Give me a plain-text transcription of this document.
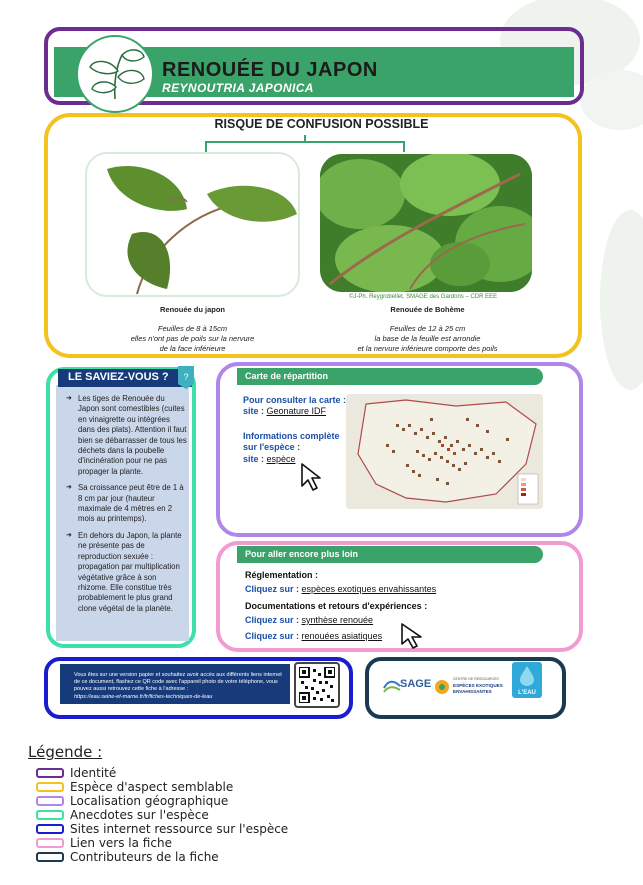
RENOUÉE DU JAPON
REYNOUTRIA JAPONICA
RISQUE DE CONFUSION POSSIBLE
©J-Ph. Reygrobellet, SMAGE des Gardons – CDR EEE
Renouée du japon
Feuilles de 8 à 15cm
elles n'ont pas de poils sur la nervure
de la face inférieure
Renouée de Bohème
Feuilles de 12 à 25 cm
la base de la feuille est arrondie
et la nervure inférieure comporte des poils
LE SAVIEZ-VOUS ?	?
➜ Les tiges de Renouée du Japon sont comestibles (cuites en vinaigrette ou intégrées dans des plats). Attention il faut bien se débarrasser de tous les déchets dans la poubelle d'incinération pour ne pas propager la plante.
➜ Sa croissance peut être de 1 à 8 cm par jour (hauteur maximale de 4 mètres en 2 mois au printemps).
➜ En dehors du Japon, la plante ne présente pas de reproduction sexuée : propagation par multiplication végétative grâce à son rhizome. Elle constitue très probablement le plus grand clone végétal de la planète.
Carte de répartition
Pour consulter la carte :
site : Geonature IDF
Informations complète
sur l'espèce :
site : espèce
Pour aller encore plus loin
Réglementation :
Cliquez sur : espèces exotiques envahissantes
Documentations et retours d'expériences :
Cliquez sur : synthèse renouée
Cliquez sur : renouées asiatiques
Vous êtes sur une version papier et souhaitez avoir accès aux différents liens internet de ce document, flashez ce QR code avec l'appareil photo de votre téléphone, vous pouvez aussi retrouvez cette fiche à l'adresse :
https://eau.seine-et-marne.fr/fr/fiches-techniques-de-leau
SAGE	CENTRE DE RESSOURCES
ESPÈCES EXOTIQUES ENVAHISSANTES	L'EAU
Légende :
Identité
Espèce d'aspect semblable
Localisation géographique
Anecdotes sur l'espèce
Sites internet ressource sur l'espèce
Lien vers la fiche
Contributeurs de la fiche
